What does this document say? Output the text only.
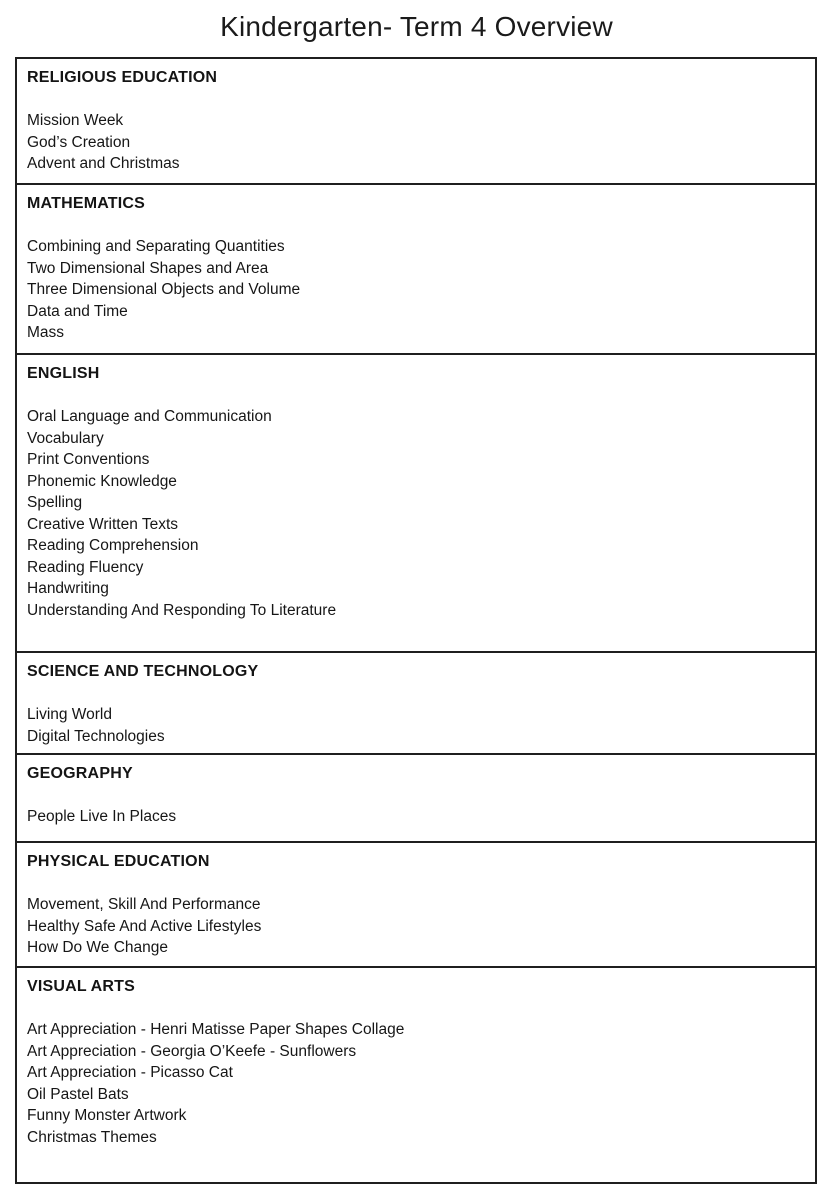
Kindergarten- Term 4 Overview
RELIGIOUS EDUCATION
Mission Week
God’s Creation
Advent and Christmas
MATHEMATICS
Combining and Separating Quantities
Two Dimensional Shapes and Area
Three Dimensional Objects and Volume
Data and Time
Mass
ENGLISH
Oral Language and Communication
Vocabulary
Print Conventions
Phonemic Knowledge
Spelling
Creative Written Texts
Reading Comprehension
Reading Fluency
Handwriting
Understanding And Responding To Literature
SCIENCE AND TECHNOLOGY
Living World
Digital Technologies
GEOGRAPHY
People Live In Places
PHYSICAL EDUCATION
Movement, Skill And Performance
Healthy Safe And Active Lifestyles
How Do We Change
VISUAL ARTS
Art Appreciation - Henri Matisse Paper Shapes Collage
Art Appreciation - Georgia O’Keefe - Sunflowers
Art Appreciation - Picasso Cat
Oil Pastel Bats
Funny Monster Artwork
Christmas Themes
